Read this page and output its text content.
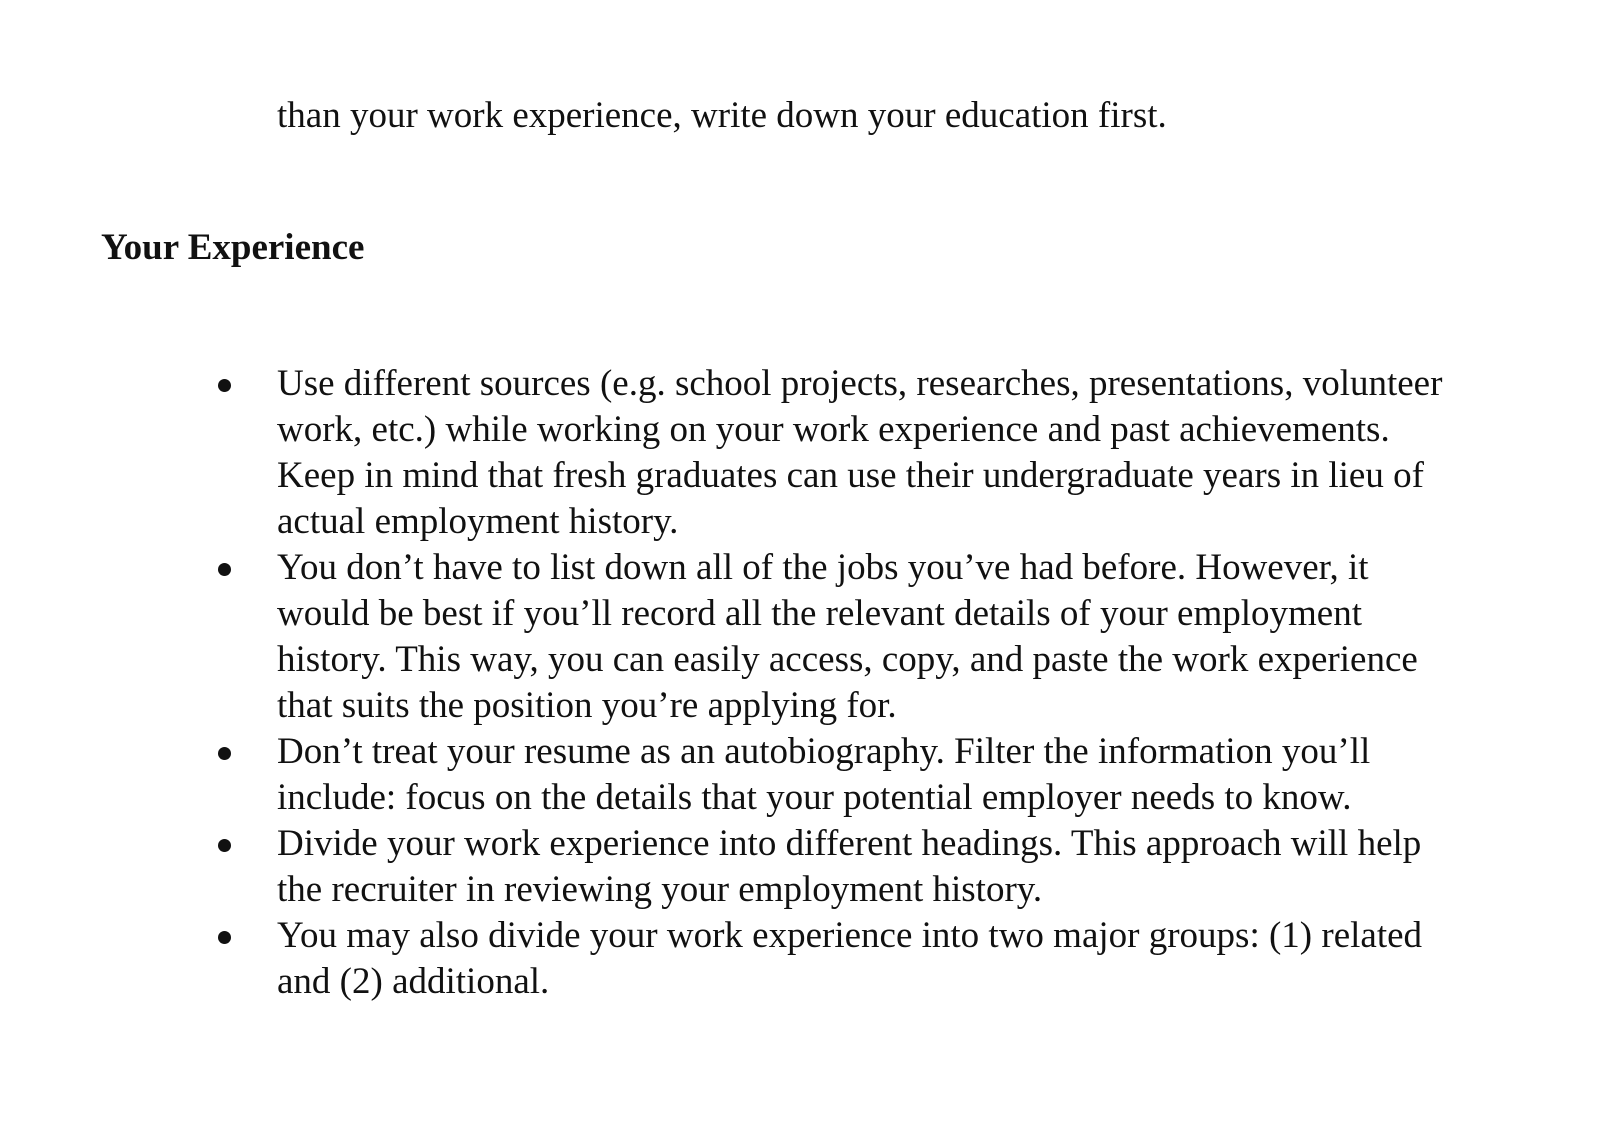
than your work experience, write down your education first.
Your Experience
Use different sources (e.g. school projects, researches, presentations, volunteer
work, etc.) while working on your work experience and past achievements.
Keep in mind that fresh graduates can use their undergraduate years in lieu of
actual employment history.
You don’t have to list down all of the jobs you’ve had before. However, it
would be best if you’ll record all the relevant details of your employment
history. This way, you can easily access, copy, and paste the work experience
that suits the position you’re applying for.
Don’t treat your resume as an autobiography. Filter the information you’ll
include: focus on the details that your potential employer needs to know.
Divide your work experience into different headings. This approach will help
the recruiter in reviewing your employment history.
You may also divide your work experience into two major groups: (1) related
and (2) additional.
